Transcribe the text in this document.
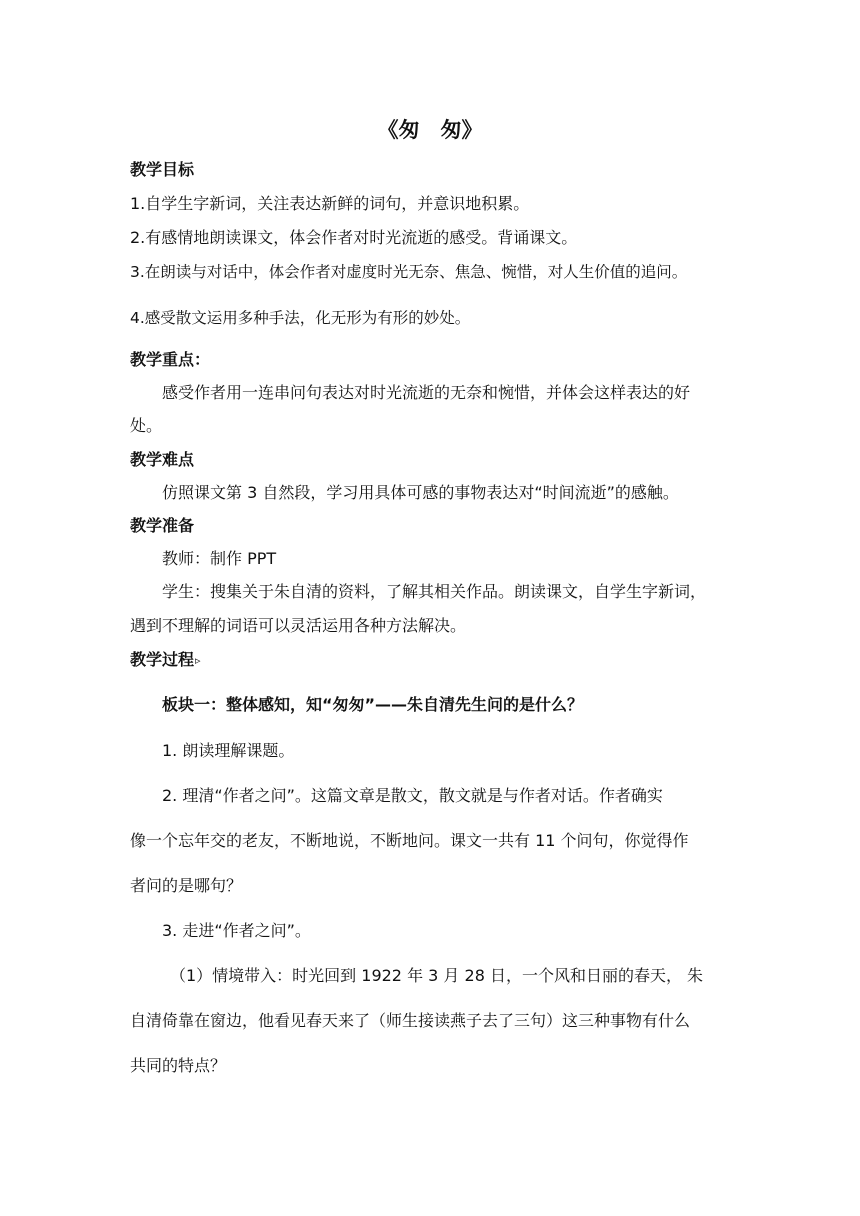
《匆　匆》
教学目标
1.自学生字新词，关注表达新鲜的词句，并意识地积累。
2.有感情地朗读课文，体会作者对时光流逝的感受。背诵课文。
3.在朗读与对话中，体会作者对虚度时光无奈、焦急、惋惜，对人生价值的追问。
4.感受散文运用多种手法，化无形为有形的妙处。
教学重点：
感受作者用一连串问句表达对时光流逝的无奈和惋惜，并体会这样表达的好
处。
教学难点
仿照课文第 3 自然段，学习用具体可感的事物表达对“时间流逝”的感触。
教学准备
教师：制作 PPT
学生：搜集关于朱自清的资料，了解其相关作品。朗读课文，自学生字新词，
遇到不理解的词语可以灵活运用各种方法解决。
教学过程▹
板块一：整体感知，知“匆匆”——朱自清先生问的是什么？
1. 朗读理解课题。
2. 理清“作者之问”。这篇文章是散文，散文就是与作者对话。作者确实
像一个忘年交的老友，不断地说，不断地问。课文一共有 11 个问句，你觉得作
者问的是哪句？
3. 走进“作者之问”。
（1）情境带入：时光回到 1922 年 3 月 28 日，一个风和日丽的春天， 朱
自清倚靠在窗边，他看见春天来了（师生接读燕子去了三句）这三种事物有什么
共同的特点？
